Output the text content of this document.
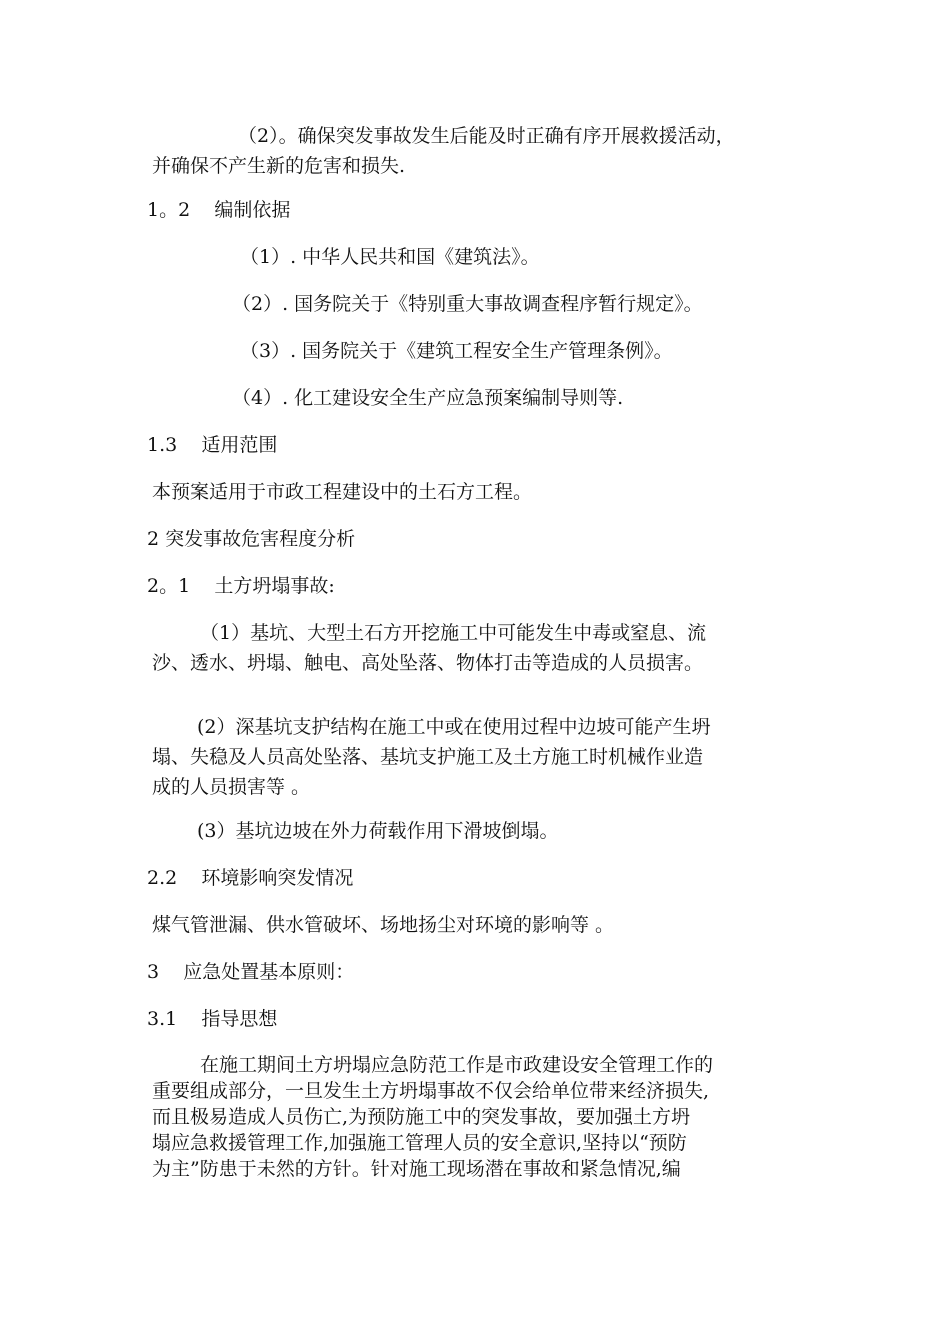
（2）。确保突发事故发生后能及时正确有序开展救援活动，
并确保不产生新的危害和损失.
1。2    编制依据
（1）. 中华人民共和国《建筑法》。
（2）. 国务院关于《特别重大事故调查程序暂行规定》。
（3）. 国务院关于《建筑工程安全生产管理条例》。
（4）. 化工建设安全生产应急预案编制导则等.
1.3    适用范围
本预案适用于市政工程建设中的土石方工程。
2 突发事故危害程度分析
2。1    土方坍塌事故:
（1）基坑、大型土石方开挖施工中可能发生中毒或窒息、流
沙、透水、坍塌、触电、高处坠落、物体打击等造成的人员损害。
(2）深基坑支护结构在施工中或在使用过程中边坡可能产生坍
塌、失稳及人员高处坠落、基坑支护施工及土方施工时机械作业造
成的人员损害等 。
(3）基坑边坡在外力荷载作用下滑坡倒塌。
2.2    环境影响突发情况
煤气管泄漏、供水管破坏、场地扬尘对环境的影响等 。
3    应急处置基本原则：
3.1    指导思想
在施工期间土方坍塌应急防范工作是市政建设安全管理工作的
重要组成部分，一旦发生土方坍塌事故不仅会给单位带来经济损失,
而且极易造成人员伤亡,为预防施工中的突发事故，要加强土方坍
塌应急救援管理工作,加强施工管理人员的安全意识,坚持以“预防
为主”防患于未然的方针。针对施工现场潜在事故和紧急情况,编
